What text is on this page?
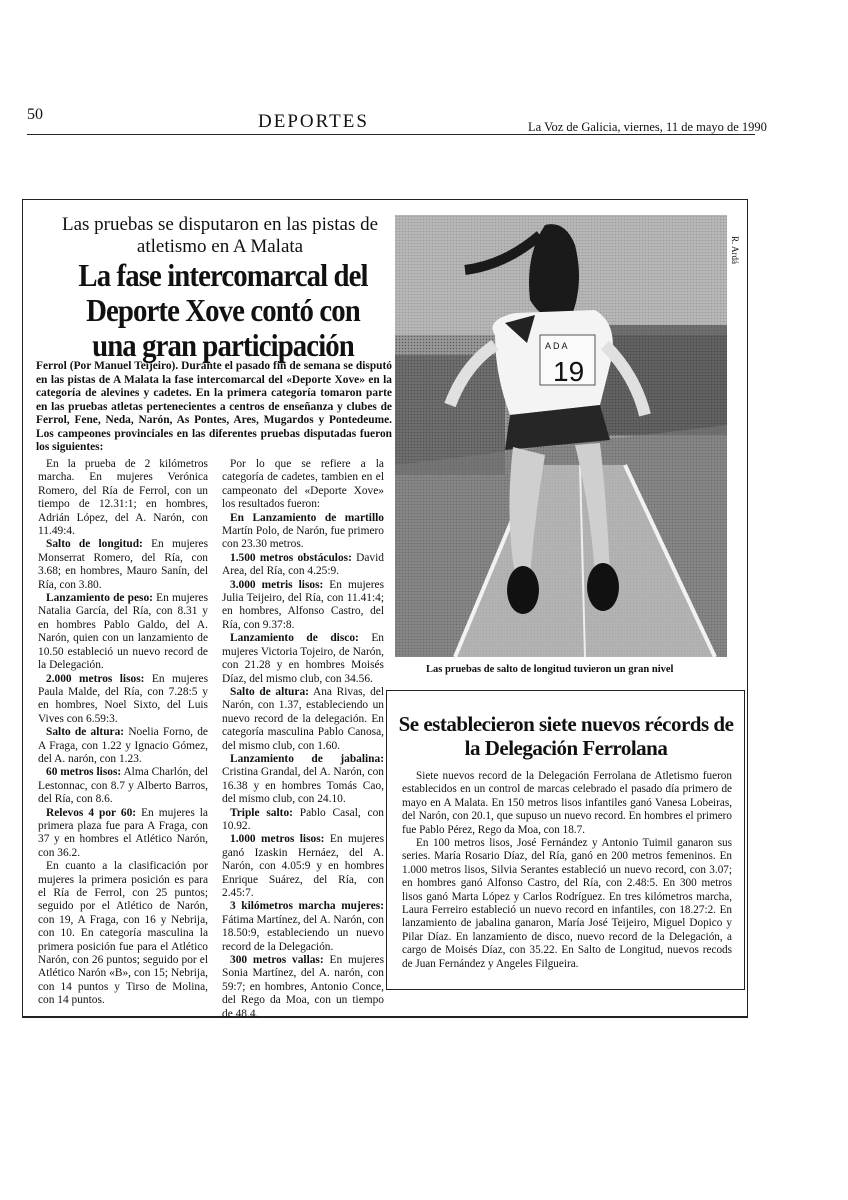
50	DEPORTES	La Voz de Galicia, viernes, 11 de mayo de 1990
Las pruebas se disputaron en las pistas de atletismo en A Malata
La fase intercomarcal del Deporte Xove contó con una gran participación
Ferrol (Por Manuel Teijeiro). Durante el pasado fin de semana se disputó en las pistas de A Malata la fase intercomarcal del «Deporte Xove» en la categoría de alevines y cadetes. En la primera categoría tomaron parte en las pruebas atletas pertenecientes a centros de enseñanza y clubes de Ferrol, Fene, Neda, Narón, As Pontes, Ares, Mugardos y Pontedeume. Los campeones provinciales en las diferentes pruebas disputadas fueron los siguientes:

En la prueba de 2 kilómetros marcha. En mujeres Verónica Romero, del Ría de Ferrol, con un tiempo de 12.31:1; en hombres, Adrián López, del A. Narón, con 11.49:4.

Salto de longitud: En mujeres Monserrat Romero, del Ría, con 3.68; en hombres, Mauro Sanín, del Ría, con 3.80.

Lanzamiento de peso: En mujeres Natalia García, del Ría, con 8.31 y en hombres Pablo Galdo, del A. Narón, quien con un lanzamiento de 10.50 estableció un nuevo record de la Delegación.

2.000 metros lisos: En mujeres Paula Malde, del Ría, con 7.28:5 y en hombres, Noel Sixto, del Luis Vives con 6.59:3.

Salto de altura: Noelia Forno, de A Fraga, con 1.22 y Ignacio Gómez, del A. narón, con 1.23.

60 metros lisos: Alma Charlón, del Lestonnac, con 8.7 y Alberto Barros, del Ría, con 8.6.

Relevos 4 por 60: En mujeres la primera plaza fue para A Fraga, con 37 y en hombres el Atlético Narón, con 36.2.

En cuanto a la clasificación por mujeres la primera posición es para el Ría de Ferrol, con 25 puntos; seguido por el Atlético de Narón, con 19, A Fraga, con 16 y Nebrija, con 10. En categoría masculina la primera posición fue para el Atlético Narón, con 26 puntos; seguido por el Atlético Narón «B», con 15; Nebrija, con 14 puntos y Tirso de Molina, con 14 puntos.

Por lo que se refiere a la categoría de cadetes, tambien en el campeonato del «Deporte Xove» los resultados fueron:

En Lanzamiento de martillo Martín Polo, de Narón, fue primero con 23.30 metros.

1.500 metros obstáculos: David Area, del Ría, con 4.25:9.

3.000 metris lisos: En mujeres Julia Teijeiro, del Ría, con 11.41:4; en hombres, Alfonso Castro, del Ría, con 9.37:8.

Lanzamiento de disco: En mujeres Victoria Tojeiro, de Narón, con 21.28 y en hombres Moisés Díaz, del mismo club, con 34.56.

Salto de altura: Ana Rivas, del Narón, con 1.37, estableciendo un nuevo record de la delegación. En categoría masculina Pablo Canosa, del mismo club, con 1.60.

Lanzamiento de jabalina: Cristina Grandal, del A. Narón, con 16.38 y en hombres Tomás Cao, del mismo club, con 24.10.

Triple salto: Pablo Casal, con 10.92.

1.000 metros lisos: En mujeres ganó Izaskin Hernáez, del A. Narón, con 4.05:9 y en hombres Enrique Suárez, del Ría, con 2.45:7.

3 kilómetros marcha mujeres: Fátima Martínez, del A. Narón, con 18.50:9, estableciendo un nuevo record de la Delegación.

300 metros vallas: En mujeres Sonia Martínez, del A. narón, con 59:7; en hombres, Antonio Conce, del Rego da Moa, con un tiempo de 48.4.

A D A
19
R. Ardá
Las pruebas de salto de longitud tuvieron un gran nivel
Se establecieron siete nuevos récords de la Delegación Ferrolana

Siete nuevos record de la Delegación Ferrolana de Atletismo fueron establecidos en un control de marcas celebrado el pasado día primero de mayo en A Malata. En 150 metros lisos infantiles ganó Vanesa Lobeiras, del Narón, con 20.1, que supuso un nuevo record. En hombres el primero fue Pablo Pérez, Rego da Moa, con 18.7.

En 100 metros lisos, José Fernández y Antonio Tuimil ganaron sus series. María Rosario Díaz, del Ría, ganó en 200 metros femeninos. En 1.000 metros lisos, Silvia Serantes estableció un nuevo record, con 3.07; en hombres ganó Alfonso Castro, del Ría, con 2.48:5. En 300 metros lisos ganó Marta López y Carlos Rodríguez. En tres kilómetros marcha, Laura Ferreiro estableció un nuevo record en infantiles, con 18.27:2. En lanzamiento de jabalina ganaron, María José Teijeiro, Miguel Dopico y Pilar Díaz. En lanzamiento de disco, nuevo record de la Delegación, a cargo de Moisés Díaz, con 35.22. En Salto de Longitud, nuevos recods de Juan Fernández y Angeles Filgueira.
